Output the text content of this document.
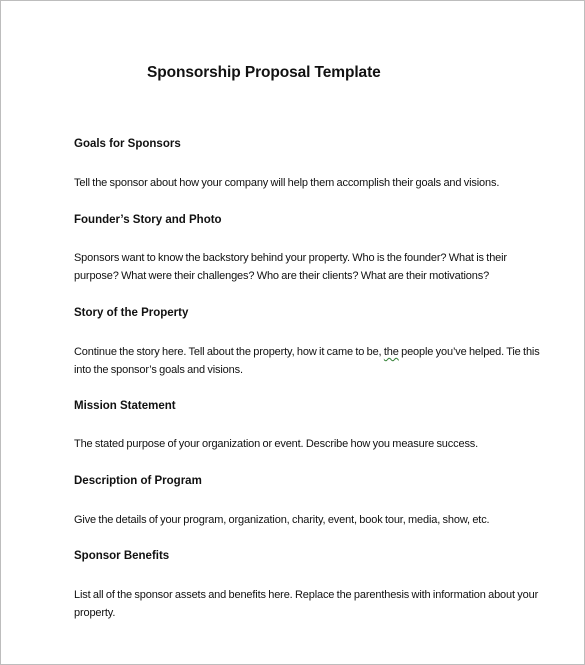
Sponsorship Proposal Template
Goals for Sponsors
Tell the sponsor about how your company will help them accomplish their goals and visions.
Founder’s Story and Photo
Sponsors want to know the backstory behind your property. Who is the founder? What is their purpose? What were their challenges? Who are their clients? What are their motivations?
Story of the Property
Continue the story here. Tell about the property, how it came to be, the people you’ve helped. Tie this into the sponsor’s goals and visions.
Mission Statement
The stated purpose of your organization or event. Describe how you measure success.
Description of Program
Give the details of your program, organization, charity, event, book tour, media, show, etc.
Sponsor Benefits
List all of the sponsor assets and benefits here. Replace the parenthesis with information about your property.
